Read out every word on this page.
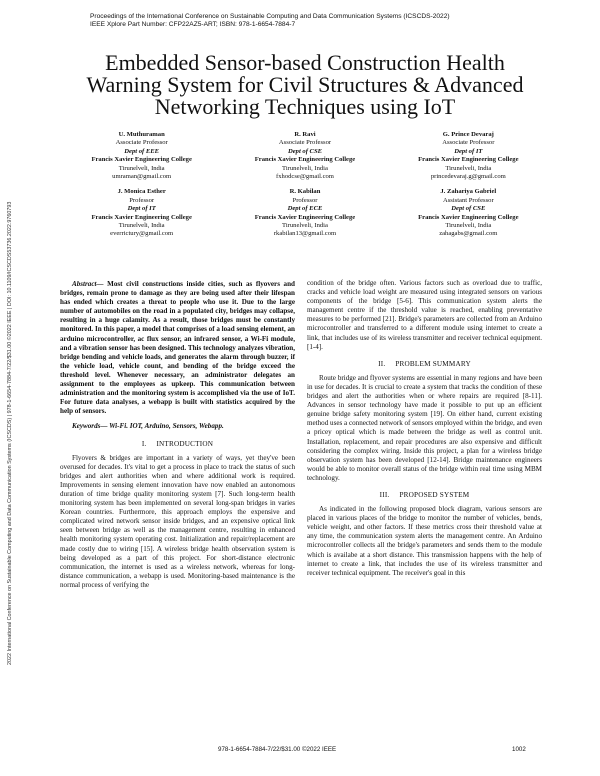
2022 International Conference on Sustainable Computing and Data Communication Systems (ICSCDS) | 978-1-6654-7884-7/22/$31.00 ©2022 IEEE | DOI: 10.1109/ICSCDS53736.2022.9760793
Proceedings of the International Conference on Sustainable Computing and Data Communication Systems (ICSCDS-2022)
IEEE Xplore Part Number: CFP22AZ5-ART; ISBN: 978-1-6654-7884-7
Embedded Sensor-based Construction Health
Warning System for Civil Structures & Advanced
Networking Techniques using IoT
U. Muthuraman
Associate Professor
Dept of EEE
Francis Xavier Engineering College
Tirunelveli, India
umraman@gmail.com
R. Ravi
Associate Professor
Dept of CSE
Francis Xavier Engineering College
Tirunelveli, India
fxhodcse@gmail.com
G. Prince Devaraj
Associate Professor
Dept of IT
Francis Xavier Engineering College
Tirunelveli, India
princedevaraj.g@gmail.com
J. Monica Esther
Professor
Dept of IT
Francis Xavier Engineering College
Tirunelveli, India
everrictury@gmail.com
R. Kabilan
Professor
Dept of ECE
Francis Xavier Engineering College
Tirunelveli, India
rkabilan13@gmail.com
J. Zahariya Gabriel
Assistant Professor
Dept of CSE
Francis Xavier Engineering College
Tirunelveli, India
zahagabs@gmail.com

Abstract— Most civil constructions inside cities, such as flyovers and bridges, remain prone to damage as they are being used after their lifespan has ended which creates a threat to people who use it. Due to the large number of automobiles on the road in a populated city, bridges may collapse, resulting in a huge calamity. As a result, those bridges must be constantly monitored. In this paper, a model that comprises of a load sensing element, an arduino microcontroller, ac flux sensor, an infrared sensor, a Wi-Fi module, and a vibration sensor has been designed. This technology analyzes vibration, bridge bending and vehicle loads, and generates the alarm through buzzer, if the vehicle load, vehicle count, and bending of the bridge exceed the threshold level. Whenever necessary, an administrator delegates an assignment to the employees as upkeep. This communication between administration and the monitoring system is accomplished via the use of IoT. For future data analyses, a webapp is built with statistics acquired by the help of sensors.

Keywords— Wi-Fi. IOT, Arduino, Sensors, Webapp.

I. INTRODUCTION

Flyovers & bridges are important in a variety of ways, yet they've been overused for decades. It's vital to get a process in place to track the status of such bridges and alert authorities when and where additional work is required. Improvements in sensing element innovation have now enabled an autonomous duration of time bridge quality monitoring system [7]. Such long-term health monitoring system has been implemented on several long-span bridges in varies Korean countries. Furthermore, this approach employs the expensive and complicated wired network sensor inside bridges, and an expensive optical link seen between bridge as well as the management centre, resulting in enhanced health monitoring system operating cost. Initialization and repair/replacement are made costly due to wiring [15]. A wireless bridge health observation system is being developed as a part of this project. For short-distance electronic communication, the internet is used as a wireless network, whereas for long-distance communication, a webapp is used. Monitoring-based maintenance is the normal process of verifying the

condition of the bridge often. Various factors such as overload due to traffic, cracks and vehicle load weight are measured using integrated sensors on various components of the bridge [5-6]. This communication system alerts the management centre if the threshold value is reached, enabling preventative measures to be performed [21]. Bridge's parameters are collected from an Arduino microcontroller and transferred to a different module using internet to create a link, that includes use of its wireless transmitter and receiver technical equipment. [1-4].

II. PROBLEM SUMMARY

Route bridge and flyover systems are essential in many regions and have been in use for decades. It is crucial to create a system that tracks the condition of these bridges and alert the authorities when or where repairs are required [8-11]. Advances in sensor technology have made it possible to put up an efficient genuine bridge safety monitoring system [19]. On either hand, current existing method uses a connected network of sensors employed within the bridge, and even a pricey optical which is made between the bridge as well as control unit. Installation, replacement, and repair procedures are also expensive and difficult considering the complex wiring. Inside this project, a plan for a wireless bridge observation system has been developed [12-14]. Bridge maintenance engineers would be able to monitor overall status of the bridge within real time using MBM technology.

III. PROPOSED SYSTEM

As indicated in the following proposed block diagram, various sensors are placed in various places of the bridge to monitor the number of vehicles, bends, vehicle weight, and other factors. If these metrics cross their threshold value at any time, the communication system alerts the management centre. An Arduino microcontroller collects all the bridge's parameters and sends them to the module which is availabe at a short distance. This transmission happens with the help of internet to create a link, that includes the use of its wireless transmitter and receiver technical equipment. The receiver's goal in this

978-1-6654-7884-7/22/$31.00 ©2022 IEEE	1002
